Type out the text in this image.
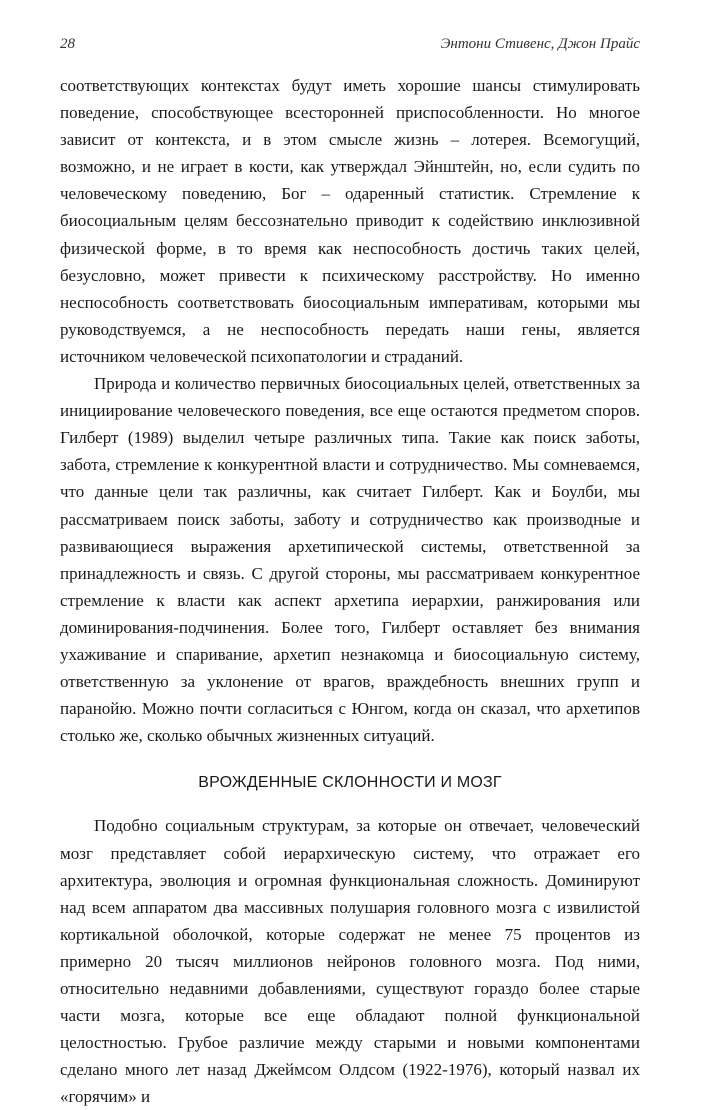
28	Энтони Стивенс, Джон Прайс

соответствующих контекстах будут иметь хорошие шансы стимулировать поведение, способствующее всесторонней приспособленности. Но многое зависит от контекста, и в этом смысле жизнь – лотерея. Всемогущий, возможно, и не играет в кости, как утверждал Эйнштейн, но, если судить по человеческому поведению, Бог – одаренный статистик. Стремление к биосоциальным целям бессознательно приводит к содействию инклюзивной физической форме, в то время как неспособность достичь таких целей, безусловно, может привести к психическому расстройству. Но именно неспособность соответствовать биосоциальным императивам, которыми мы руководствуемся, а не неспособность передать наши гены, является источником человеческой психопатологии и страданий.

Природа и количество первичных биосоциальных целей, ответственных за инициирование человеческого поведения, все еще остаются предметом споров. Гилберт (1989) выделил четыре различных типа. Такие как поиск заботы, забота, стремление к конкурентной власти и сотрудничество. Мы сомневаемся, что данные цели так различны, как считает Гилберт. Как и Боулби, мы рассматриваем поиск заботы, заботу и сотрудничество как производные и развивающиеся выражения архетипической системы, ответственной за принадлежность и связь. С другой стороны, мы рассматриваем конкурентное стремление к власти как аспект архетипа иерархии, ранжирования или доминирования-подчинения. Более того, Гилберт оставляет без внимания ухаживание и спаривание, архетип незнакомца и биосоциальную систему, ответственную за уклонение от врагов, враждебность внешних групп и паранойю. Можно почти согласиться с Юнгом, когда он сказал, что архетипов столько же, сколько обычных жизненных ситуаций.

ВРОЖДЕННЫЕ СКЛОННОСТИ И МОЗГ

Подобно социальным структурам, за которые он отвечает, человеческий мозг представляет собой иерархическую систему, что отражает его архитектура, эволюция и огромная функциональная сложность. Доминируют над всем аппаратом два массивных полушария головного мозга с извилистой кортикальной оболочкой, которые содержат не менее 75 процентов из примерно 20 тысяч миллионов нейронов головного мозга. Под ними, относительно недавними добавлениями, существуют гораздо более старые части мозга, которые все еще обладают полной функциональной целостностью. Грубое различие между старыми и новыми компонентами сделано много лет назад Джеймсом Олдсом (1922-1976), который назвал их «горячим» и
